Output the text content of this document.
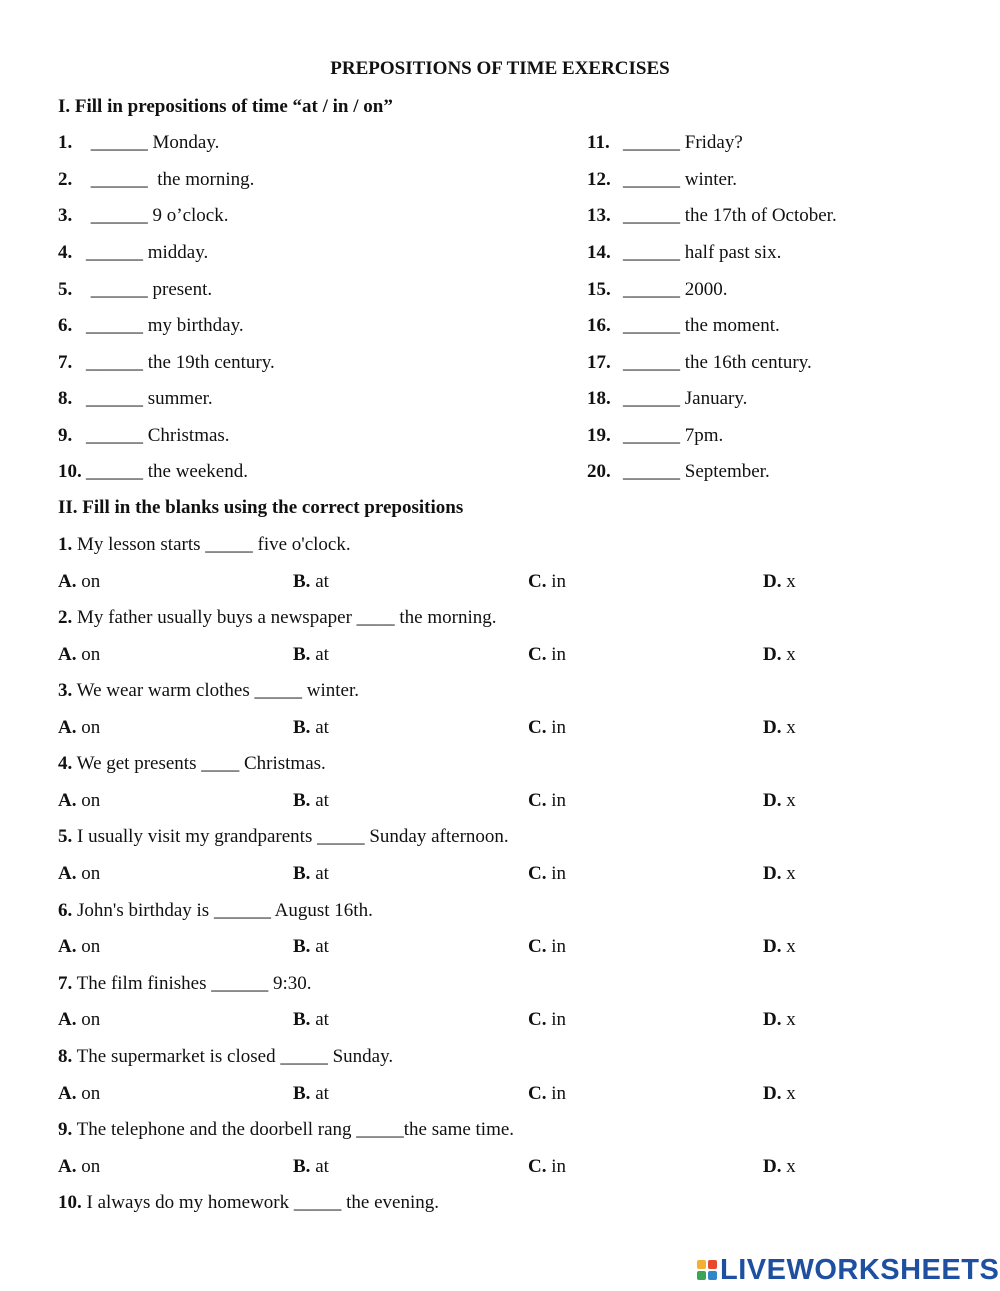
PREPOSITIONS OF TIME EXERCISES
I. Fill in prepositions of time “at / in / on”
1. ______ Monday.
2. ______  the morning.
3. ______ 9 o’clock.
4. ______ midday.
5. ______ present.
6. ______ my birthday.
7. ______ the 19th century.
8. ______ summer.
9. ______ Christmas.
10. ______ the weekend.
11. ______ Friday?
12. ______ winter.
13. ______ the 17th of October.
14. ______ half past six.
15. ______ 2000.
16. ______ the moment.
17. ______ the 16th century.
18. ______ January.
19. ______ 7pm.
20. ______ September.
II. Fill in the blanks using the correct prepositions
1. My lesson starts _____ five o'clock.
A. on	B. at	C. in	D. x
2. My father usually buys a newspaper ____ the morning.
A. on	B. at	C. in	D. x
3. We wear warm clothes _____ winter.
A. on	B. at	C. in	D. x
4. We get presents ____ Christmas.
A. on	B. at	C. in	D. x
5. I usually visit my grandparents _____ Sunday afternoon.
A. on	B. at	C. in	D. x
6. John's birthday is ______ August 16th.
A. on	B. at	C. in	D. x
7. The film finishes ______ 9:30.
A. on	B. at	C. in	D. x
8. The supermarket is closed _____ Sunday.
A. on	B. at	C. in	D. x
9. The telephone and the doorbell rang _____the same time.
A. on	B. at	C. in	D. x
10. I always do my homework _____ the evening.
LIVEWORKSHEETS
